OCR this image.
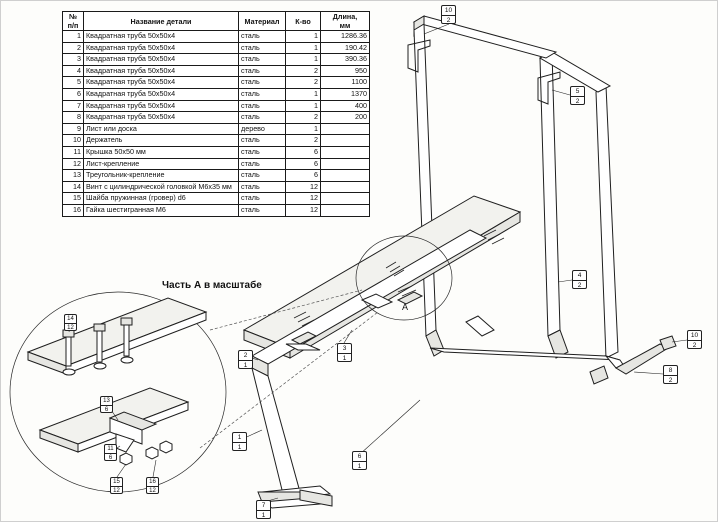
№
п/п	Название детали	Материал	К-во	Длина,
мм

1	Квадратная труба 50х50х4	сталь	1	1286.36
2	Квадратная труба 50х50х4	сталь	1	190.42
3	Квадратная труба 50х50х4	сталь	1	390.36
4	Квадратная труба 50х50х4	сталь	2	950
5	Квадратная труба 50х50х4	сталь	2	1100
6	Квадратная труба 50х50х4	сталь	1	1370
7	Квадратная труба 50х50х4	сталь	1	400
8	Квадратная труба 50х50х4	сталь	2	200
9	Лист или доска	дерево	1	
10	Держатель	сталь	2	
11	Крышка 50х50 мм	сталь	6	
12	Лист-крепление	сталь	6	
13	Треугольник-крепление	сталь	6	
14	Винт с цилиндрической головкой М6х35 мм	сталь	12	
15	Шайба пружинная (гровер) d6	сталь	12	
16	Гайка шестигранная М6	сталь	12	
Часть А в масштабе
A
10
2
5
2
4
2
10
2
8
2
3
1
2
1
1
1
6
1
7
1
14
12
13
6
11
6
15
12
16
12
